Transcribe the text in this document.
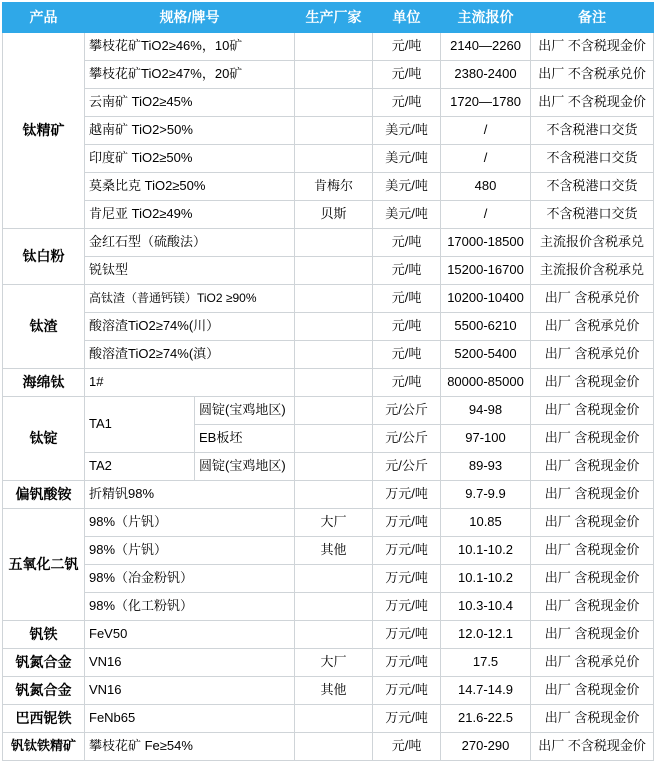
产品	规格/牌号		生产厂家	单位	主流报价	备注
钛精矿	攀枝花矿TiO2≥46%，10矿			元/吨	2140—2260	出厂 不含税现金价
	攀枝花矿TiO2≥47%，20矿			元/吨	2380-2400	出厂 不含税承兑价
	云南矿 TiO2≥45%			元/吨	1720—1780	出厂 不含税现金价
	越南矿 TiO2>50%			美元/吨	/	不含税港口交货
	印度矿 TiO2≥50%			美元/吨	/	不含税港口交货
	莫桑比克 TiO2≥50%		肯梅尔	美元/吨	480	不含税港口交货
	肯尼亚 TiO2≥49%		贝斯	美元/吨	/	不含税港口交货
钛白粉	金红石型（硫酸法）			元/吨	17000-18500	主流报价含税承兑
	锐钛型			元/吨	15200-16700	主流报价含税承兑
钛渣	高钛渣（普通钙镁）TiO2 ≥90%			元/吨	10200-10400	出厂 含税承兑价
	酸溶渣TiO2≥74%(川）			元/吨	5500-6210	出厂 含税承兑价
	酸溶渣TiO2≥74%(滇）			元/吨	5200-5400	出厂 含税承兑价
海绵钛	1#			元/吨	80000-85000	出厂 含税现金价
钛锭	TA1	圆锭(宝鸡地区)		元/公斤	94-98	出厂 含税现金价
		EB板坯		元/公斤	97-100	出厂 含税现金价
	TA2	圆锭(宝鸡地区)		元/公斤	89-93	出厂 含税现金价
偏钒酸铵	折精钒98%			万元/吨	9.7-9.9	出厂 含税现金价
五氧化二钒	98%（片钒）		大厂	万元/吨	10.85	出厂 含税现金价
	98%（片钒）		其他	万元/吨	10.1-10.2	出厂 含税现金价
	98%（冶金粉钒）			万元/吨	10.1-10.2	出厂 含税现金价
	98%（化工粉钒）			万元/吨	10.3-10.4	出厂 含税现金价
钒铁	FeV50			万元/吨	12.0-12.1	出厂 含税现金价
钒氮合金	VN16		大厂	万元/吨	17.5	出厂 含税承兑价
钒氮合金	VN16		其他	万元/吨	14.7-14.9	出厂 含税现金价
巴西铌铁	FeNb65			万元/吨	21.6-22.5	出厂 含税现金价
钒钛铁精矿	攀枝花矿 Fe≥54%			元/吨	270-290	出厂 不含税现金价
